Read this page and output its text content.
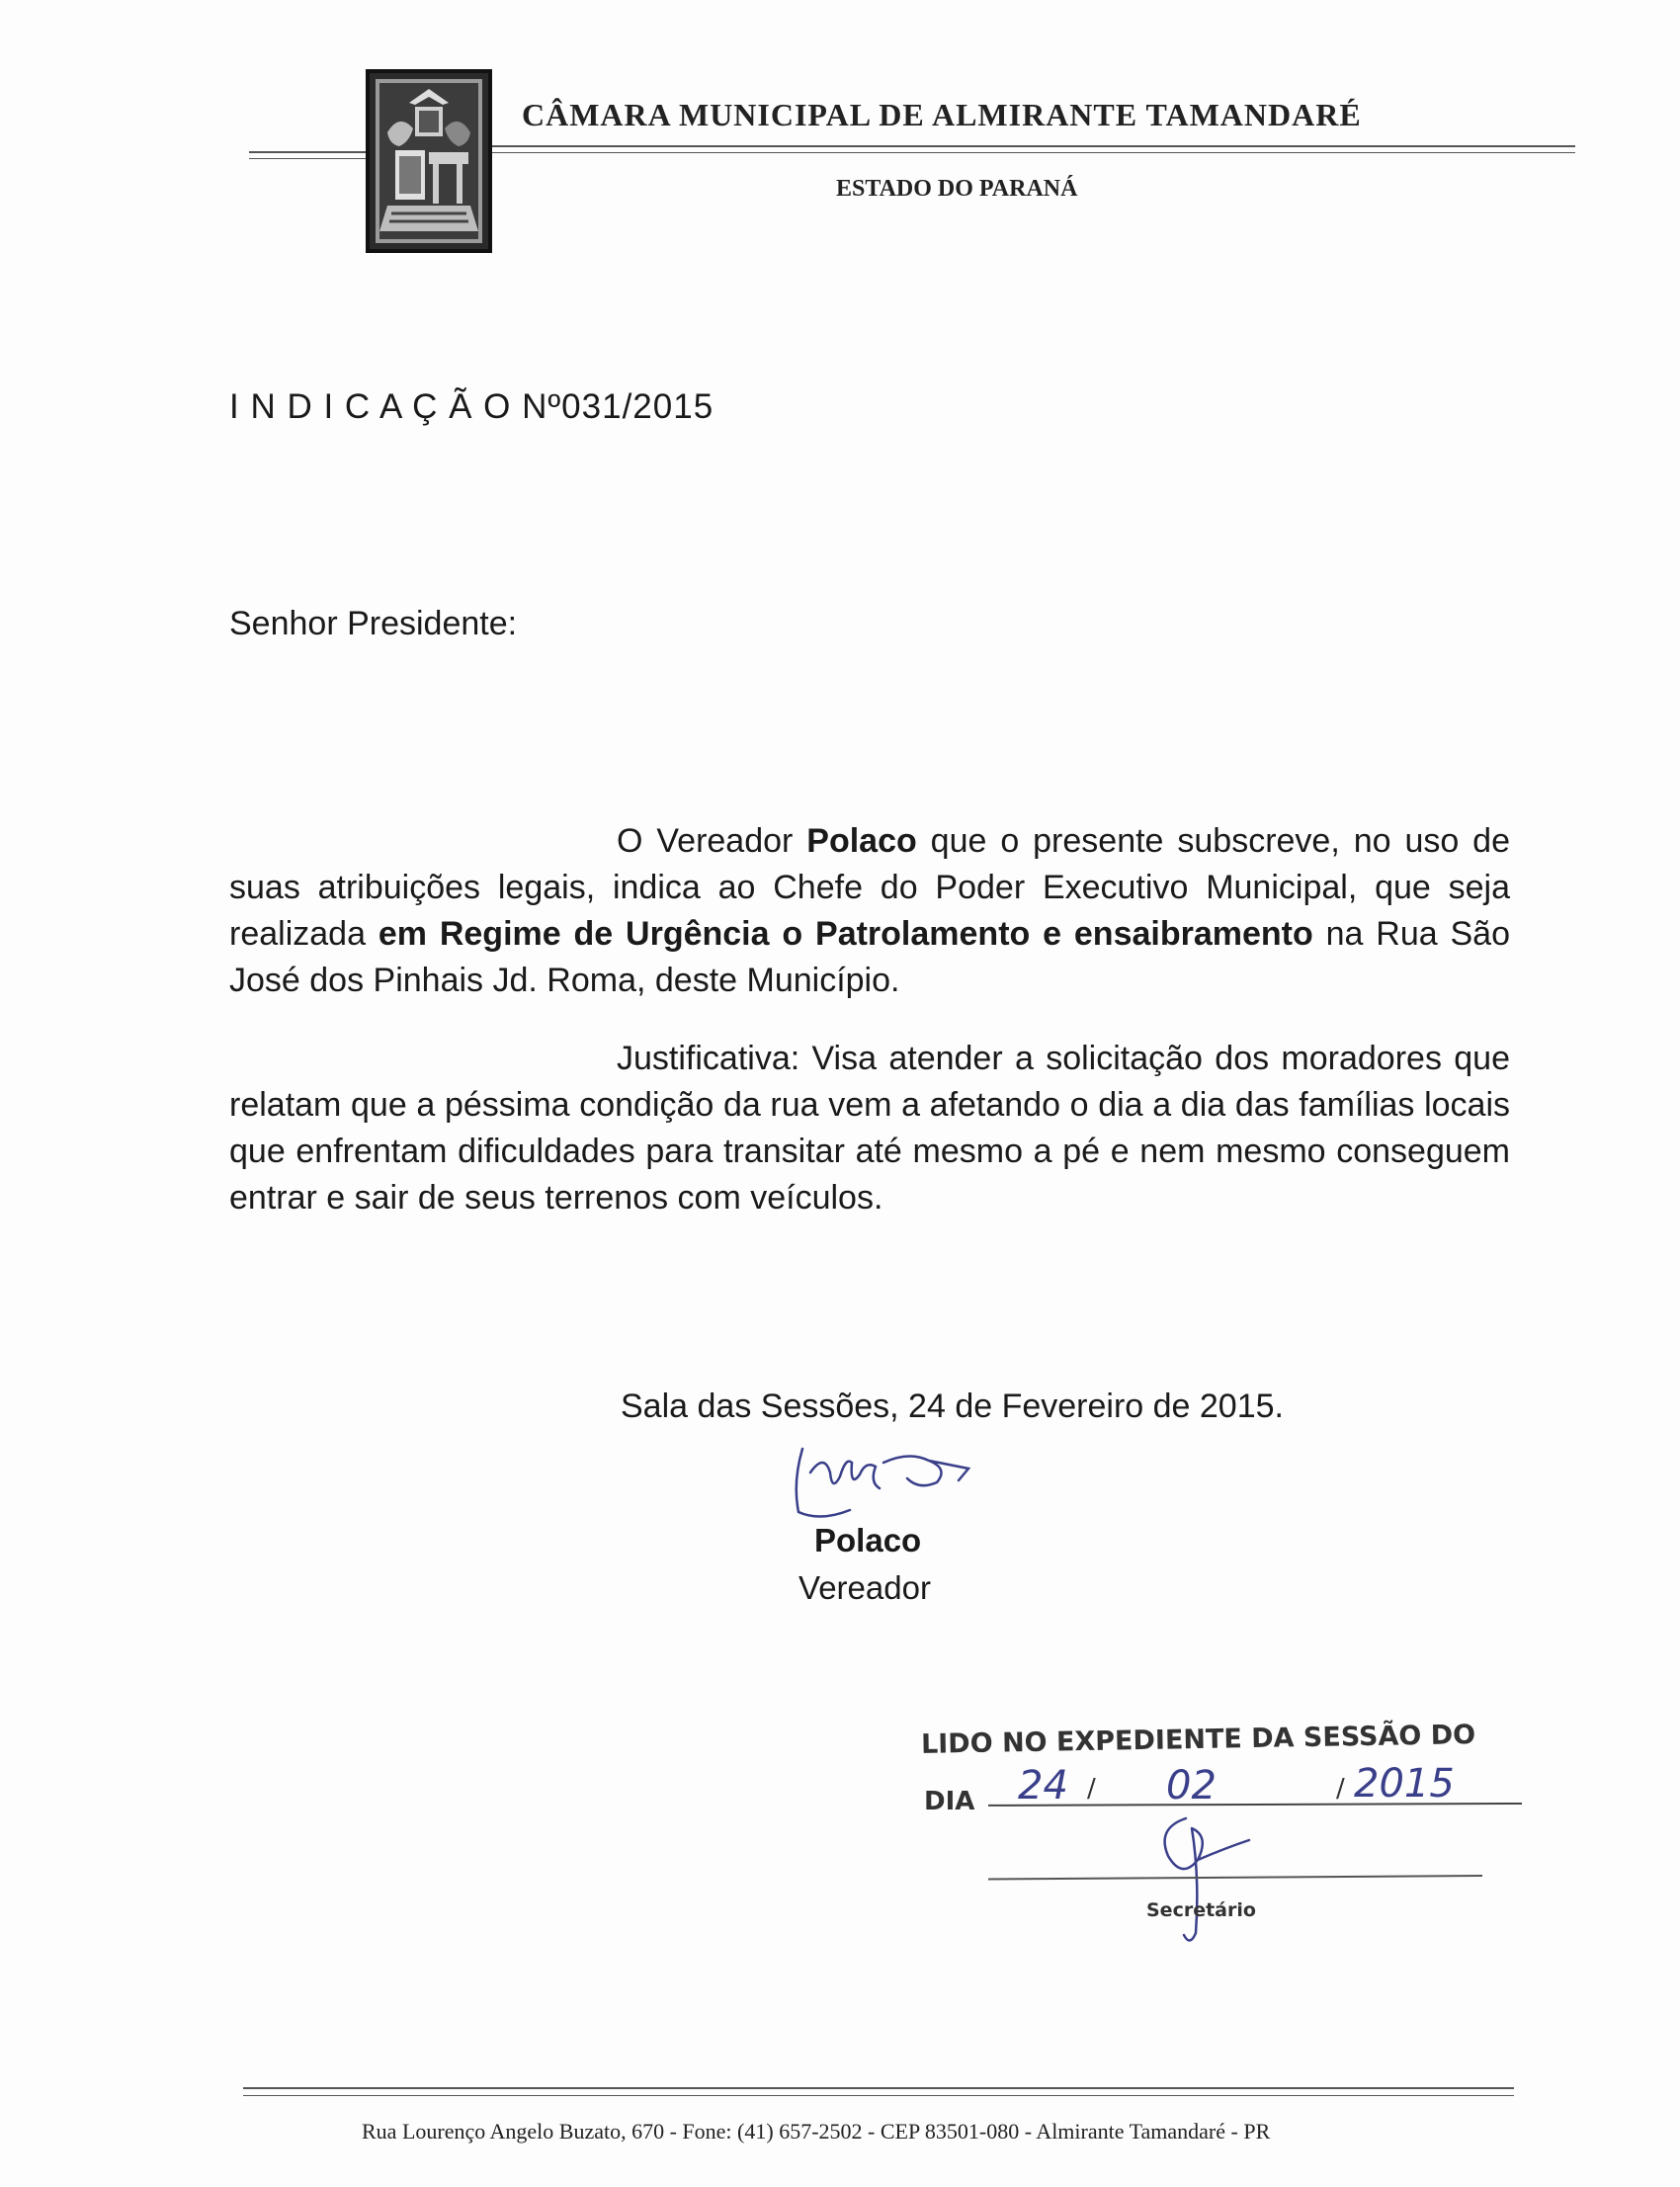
CÂMARA MUNICIPAL DE ALMIRANTE TAMANDARÉ
ESTADO DO PARANÁ
I N D I C A Ç Ã O Nº031/2015
Senhor Presidente:
O Vereador Polaco que o presente subscreve, no uso de suas atribuições legais, indica ao Chefe do Poder Executivo Municipal, que seja realizada em Regime de Urgência o Patrolamento e ensaibramento na Rua São José dos Pinhais Jd. Roma, deste Município.
Justificativa: Visa atender a solicitação dos moradores que relatam que a péssima condição da rua vem a afetando o dia a dia das famílias locais que enfrentam dificuldades para transitar até mesmo a pé e nem mesmo conseguem entrar e sair de seus terrenos com veículos.
Sala das Sessões, 24 de Fevereiro de 2015.
Polaco
Vereador
LIDO NO EXPEDIENTE DA SESSÃO DO
DIA 24 / 02	/ 2015
Secretário
Rua Lourenço Angelo Buzato, 670 - Fone: (41) 657-2502 - CEP 83501-080 - Almirante Tamandaré - PR
